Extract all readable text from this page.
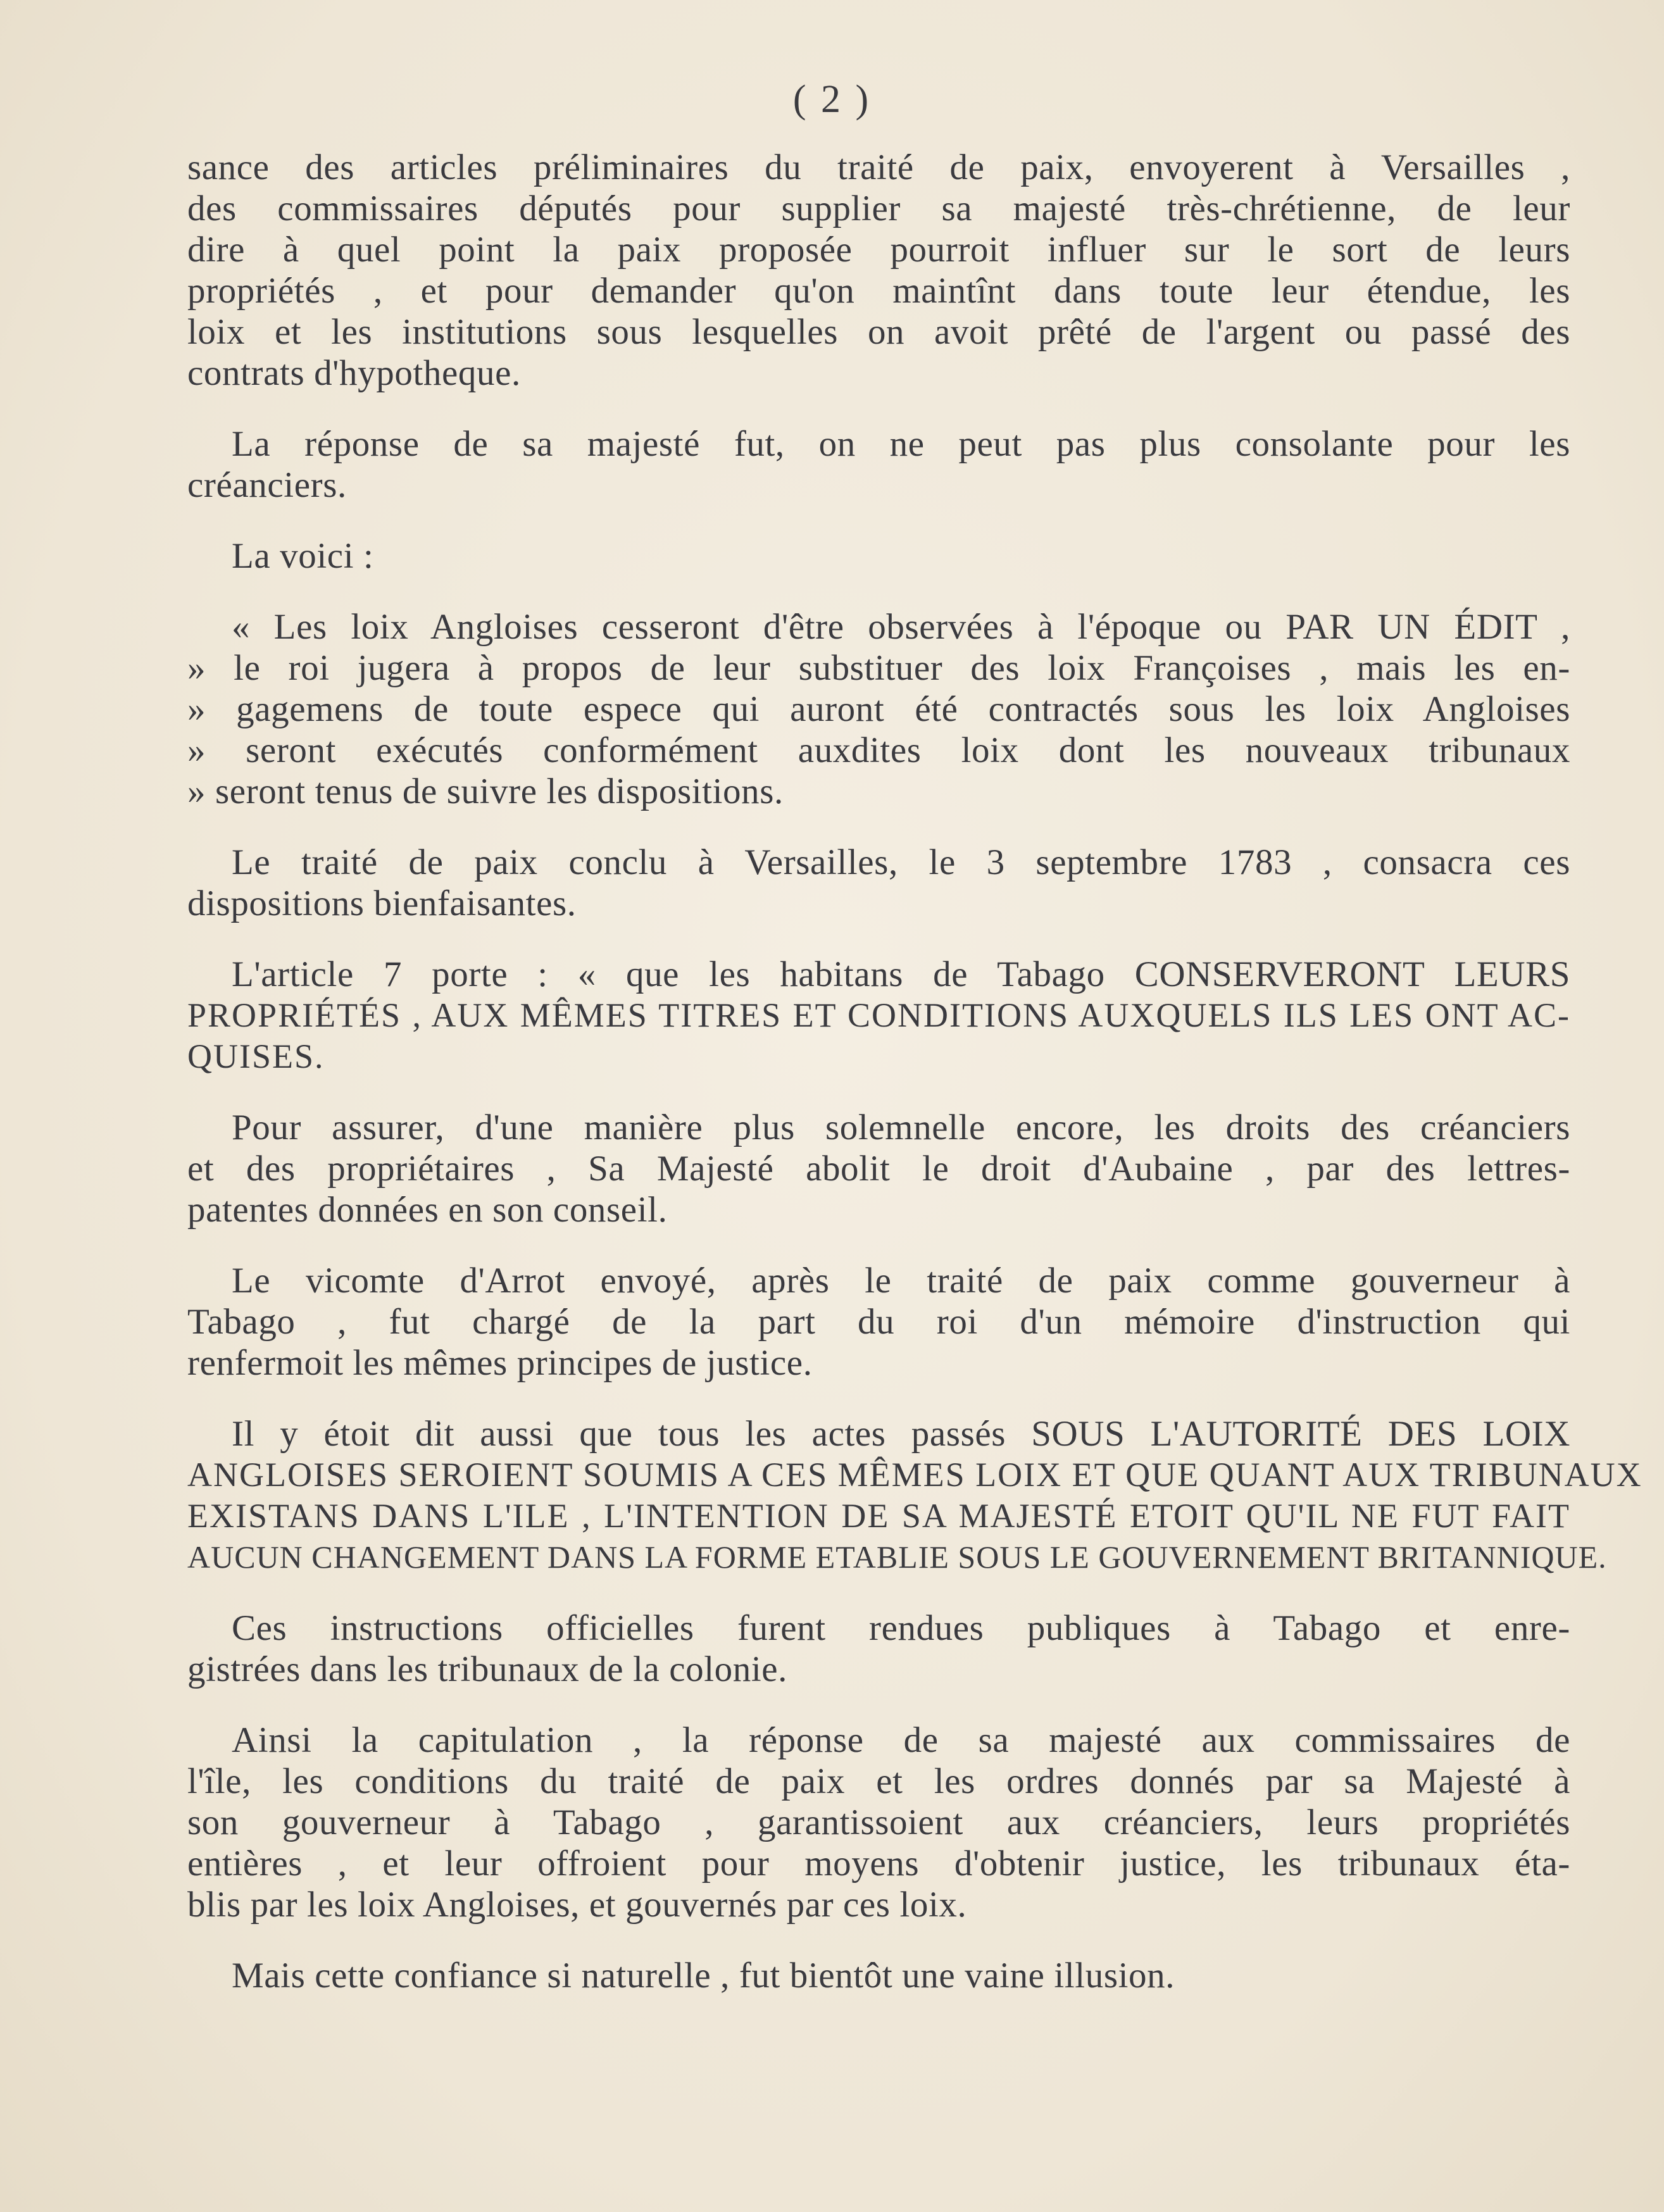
( 2 )
sance des articles préliminaires du traité de paix, envoyerent à Versailles ,
des commissaires députés pour supplier sa majesté très-chrétienne, de leur
dire à quel point la paix proposée pourroit influer sur le sort de leurs
propriétés , et pour demander qu'on maintînt dans toute leur étendue, les
loix et les institutions sous lesquelles on avoit prêté de l'argent ou passé des
contrats d'hypotheque.
La réponse de sa majesté fut, on ne peut pas plus consolante pour les
créanciers.
La voici :
« Les loix Angloises cesseront d'être observées à l'époque ou PAR UN ÉDIT ,
» le roi jugera à propos de leur substituer des loix Françoises , mais les en-
» gagemens de toute espece qui auront été contractés sous les loix Angloises
» seront exécutés conformément auxdites loix dont les nouveaux tribunaux
» seront tenus de suivre les dispositions.
Le traité de paix conclu à Versailles, le 3 septembre 1783 , consacra ces
dispositions bienfaisantes.
L'article 7 porte : « que les habitans de Tabago CONSERVERONT LEURS
PROPRIÉTÉS , AUX MÊMES TITRES ET CONDITIONS AUXQUELS ILS LES ONT AC-
QUISES.
Pour assurer, d'une manière plus solemnelle encore, les droits des créanciers
et des propriétaires , Sa Majesté abolit le droit d'Aubaine , par des lettres-
patentes données en son conseil.
Le vicomte d'Arrot envoyé, après le traité de paix comme gouverneur à
Tabago , fut chargé de la part du roi d'un mémoire d'instruction qui
renfermoit les mêmes principes de justice.
Il y étoit dit aussi que tous les actes passés SOUS L'AUTORITÉ DES LOIX
ANGLOISES SEROIENT SOUMIS A CES MÊMES LOIX ET QUE QUANT AUX TRIBUNAUX
EXISTANS DANS L'ILE , L'INTENTION DE SA MAJESTÉ ETOIT QU'IL NE FUT FAIT
AUCUN CHANGEMENT DANS LA FORME ETABLIE SOUS LE GOUVERNEMENT BRITANNIQUE.
Ces instructions officielles furent rendues publiques à Tabago et enre-
gistrées dans les tribunaux de la colonie.
Ainsi la capitulation , la réponse de sa majesté aux commissaires de
l'île, les conditions du traité de paix et les ordres donnés par sa Majesté à
son gouverneur à Tabago , garantissoient aux créanciers, leurs propriétés
entières , et leur offroient pour moyens d'obtenir justice, les tribunaux éta-
blis par les loix Angloises, et gouvernés par ces loix.
Mais cette confiance si naturelle , fut bientôt une vaine illusion.
